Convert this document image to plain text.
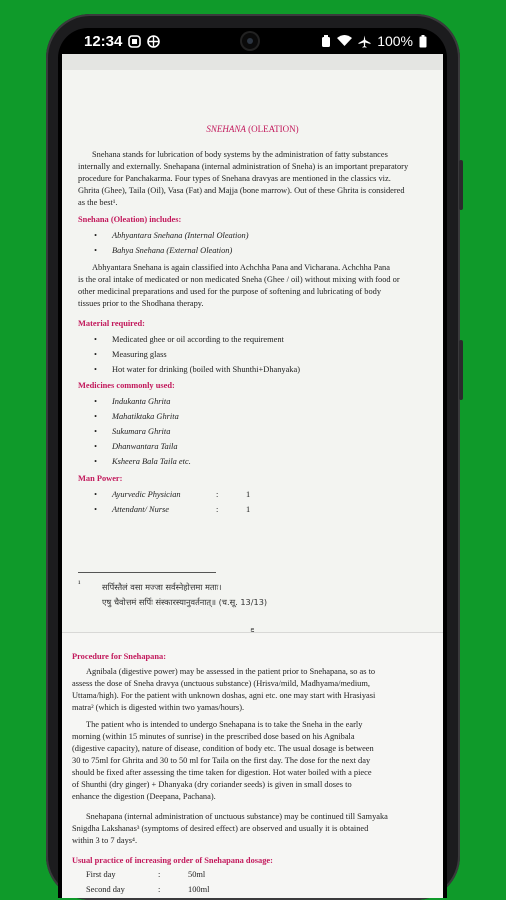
12:34	100%
SNEHANA (OLEATION)
Snehana stands for lubrication of body systems by the administration of fatty substances
internally and externally. Snehapana (internal administration of Sneha) is an important preparatory
procedure for Panchakarma. Four types of Snehana dravyas are mentioned in the classics viz.
Ghrita (Ghee), Taila (Oil), Vasa (Fat) and Majja (bone marrow). Out of these Ghrita is considered
as the best¹.
Snehana (Oleation) includes:
• Abhyantara Snehana (Internal Oleation)
• Bahya Snehana (External Oleation)
Abhyantara Snehana is again classified into Achchha Pana and Vicharana. Achchha Pana
is the oral intake of medicated or non medicated Sneha (Ghee / oil) without mixing with food or
other medicinal preparations and used for the purpose of softening and lubricating of body
tissues prior to the Shodhana therapy.
Material required:
• Medicated ghee or oil according to the requirement
• Measuring glass
• Hot water for drinking (boiled with Shunthi+Dhanyaka)
Medicines commonly used:
• Indukanta Ghrita
• Mahatiktaka Ghrita
• Sukumara Ghrita
• Dhanwantara Taila
• Ksheera Bala Taila etc.
Man Power:
• Ayurvedic Physician	:	1
• Attendant/ Nurse	:	1
¹	सर्पिस्तैलं वसा मज्जा सर्वस्नेहोत्तमा मताः।
एषु चैवोत्तमं सर्पिः संस्कारस्यानुवर्तनात्॥ (च.सू. 13/13)
Procedure for Snehapana:
Agnibala (digestive power) may be assessed in the patient prior to Snehapana, so as to
assess the dose of Sneha dravya (unctuous substance) (Hrisva/mild, Madhyama/medium,
Uttama/high). For the patient with unknown doshas, agni etc. one may start with Hrasiyasi
matra² (which is digested within two yamas/hours).
The patient who is intended to undergo Snehapana is to take the Sneha in the early
morning (within 15 minutes of sunrise) in the prescribed dose based on his Agnibala
(digestive capacity), nature of disease, condition of body etc. The usual dosage is between
30 to 75ml for Ghrita and 30 to 50 ml for Taila on the first day. The dose for the next day
should be fixed after assessing the time taken for digestion. Hot water boiled with a piece
of Shunthi (dry ginger) + Dhanyaka (dry coriander seeds) is given in small doses to
enhance the digestion (Deepana, Pachana).
Snehapana (internal administration of unctuous substance) may be continued till Samyaka
Snigdha Lakshanas³ (symptoms of desired effect) are observed and usually it is obtained
within 3 to 7 days⁴.
Usual practice of increasing order of Snehapana dosage:
First day	:	50ml
Second day	:	100ml
